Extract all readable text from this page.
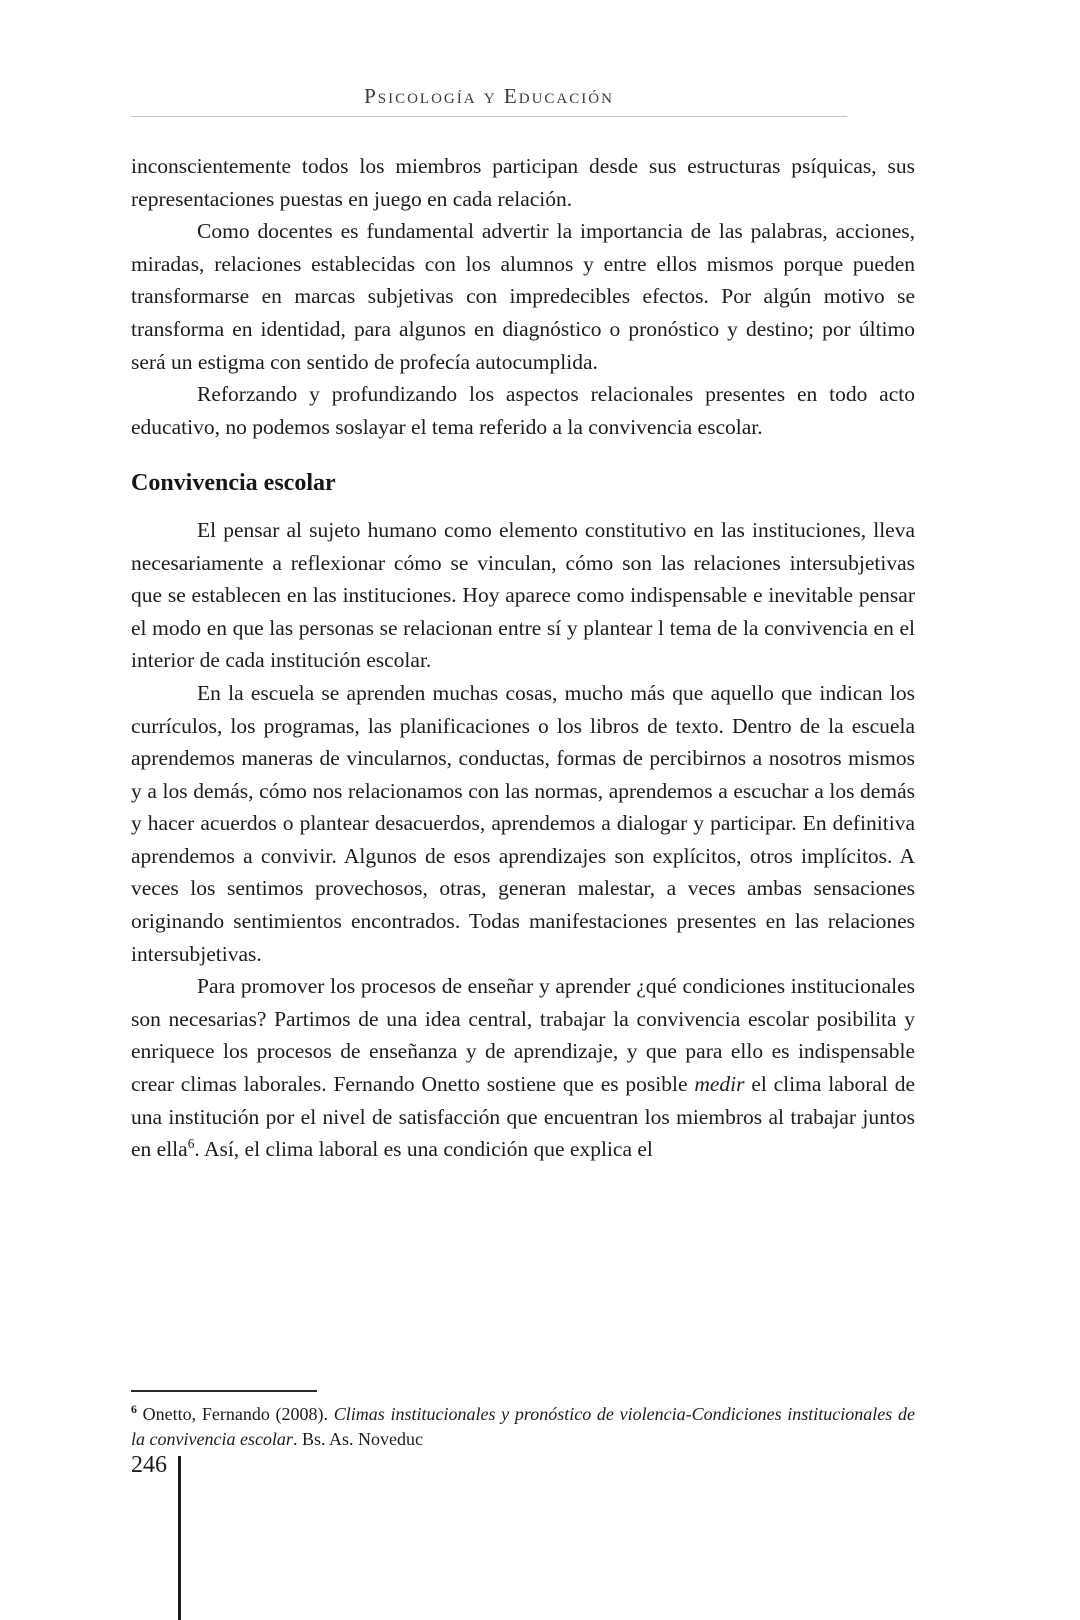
Psicología y Educación

inconscientemente todos los miembros participan desde sus estructuras psíquicas, sus representaciones puestas en juego en cada relación.

Como docentes es fundamental advertir la importancia de las palabras, acciones, miradas, relaciones establecidas con los alumnos y entre ellos mismos porque pueden transformarse en marcas subjetivas con impredecibles efectos. Por algún motivo se transforma en identidad, para algunos en diagnóstico o pronóstico y destino; por último será un estigma con sentido de profecía autocumplida.

Reforzando y profundizando los aspectos relacionales presentes en todo acto educativo, no podemos soslayar el tema referido a la convivencia escolar.

Convivencia escolar

El pensar al sujeto humano como elemento constitutivo en las instituciones, lleva necesariamente a reflexionar cómo se vinculan, cómo son las relaciones intersubjetivas que se establecen en las instituciones. Hoy aparece como indispensable e inevitable pensar el modo en que las personas se relacionan entre sí y plantear l tema de la convivencia en el interior de cada institución escolar.

En la escuela se aprenden muchas cosas, mucho más que aquello que indican los currículos, los programas, las planificaciones o los libros de texto. Dentro de la escuela aprendemos maneras de vincularnos, conductas, formas de percibirnos a nosotros mismos y a los demás, cómo nos relacionamos con las normas, aprendemos a escuchar a los demás y hacer acuerdos o plantear desacuerdos, aprendemos a dialogar y participar. En definitiva aprendemos a convivir. Algunos de esos aprendizajes son explícitos, otros implícitos. A veces los sentimos provechosos, otras, generan malestar, a veces ambas sensaciones originando sentimientos encontrados. Todas manifestaciones presentes en las relaciones intersubjetivas.

Para promover los procesos de enseñar y aprender ¿qué condiciones institucionales son necesarias? Partimos de una idea central, trabajar la convivencia escolar posibilita y enriquece los procesos de enseñanza y de aprendizaje, y que para ello es indispensable crear climas laborales. Fernando Onetto sostiene que es posible medir el clima laboral de una institución por el nivel de satisfacción que encuentran los miembros al trabajar juntos en ella$^6$. Así, el clima laboral es una condición que explica el

$^6$ Onetto, Fernando (2008). Climas institucionales y pronóstico de violencia-Condiciones institucionales de la convivencia escolar. Bs. As. Noveduc
246
